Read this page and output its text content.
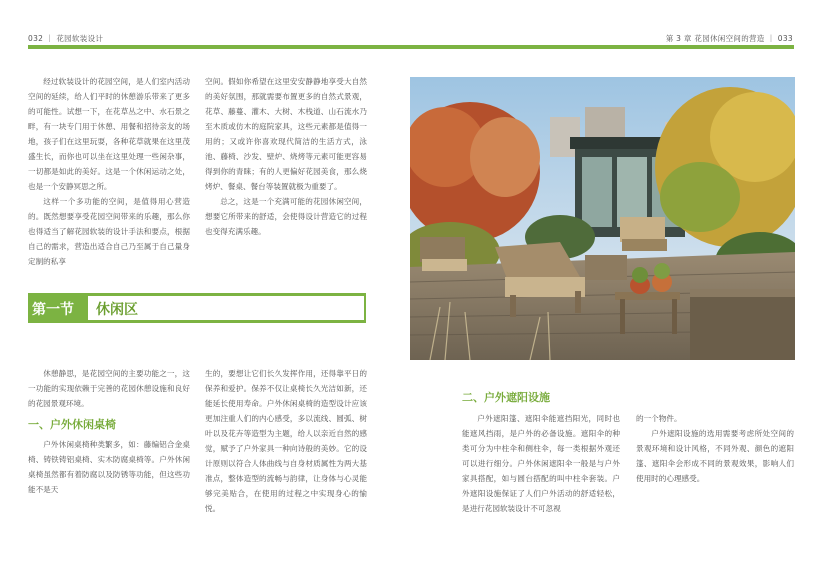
032 ｜ 花园软装设计	第 3 章 花园休闲空间的营造 ｜ 033

经过软装设计的花园空间，是人们室内活动空间的延续，给人们平时的休憩游乐带来了更多的可能性。试想一下，在花草丛之中、水石景之畔，有一块专门用于休憩、用餐和招待亲友的场地，孩子们在这里玩耍，各种花草就果在这里茂盛生长，而你也可以坐在这里处理一些闲杂事，一切都是如此的美好。这是一个休闲运动之处，也是一个安静冥思之所。

这样一个多功能的空间，是值得用心营造的。既然想要享受花园空间带来的乐趣，那么你也得适当了解花园软装的设计手法和要点，根据自己的需求，营造出适合自己乃至属于自己量身定制的私享

空间。假如你希望在这里安安静静地享受大自然的美好氛围，那就需要布置更多的自然式景观，花草、藤蔓、灌木、大树、木栈道、山石流水乃至木质或仿木的庭院家具，这些元素都是值得一用的；又或许你喜欢现代简洁的生活方式，泳池、藤椅、沙发、壁炉、烧烤等元素可能更容易得到你的青睐；有的人更偏好花园美食，那么烧烤炉、餐桌、餐台等装置就极为重要了。

总之，这是一个充满可能的花园休闲空间，想要它所带来的舒适，会使得设计营造它的过程也变得充满乐趣。

第一节 休闲区

休憩静思，是花园空间的主要功能之一，这一功能的实现依赖于完善的花园休憩设施和良好的花园景观环境。

一、户外休闲桌椅

户外休闲桌椅种类繁多，如：藤编铝合金桌椅、铸铁铸铝桌椅、实木防腐桌椅等。户外休闲桌椅虽然都有着防腐以及防锈等功能，但这些功能不是天

生的，要想让它们长久发挥作用，还得靠平日的保养和爱护。保养不仅让桌椅长久光洁如新，还能延长使用寿命。户外休闲桌椅的造型设计应该更加注重人们的内心感受，多以流线、圆弧、树叶以及花卉等造型为主题，给人以亲近自然的感觉，赋予了户外家具一种向诗般的美妙。它的设计原则以符合人体曲线与自身材质属性为两大基准点，整体造型的流畅与韵律，让身体与心灵能够完美贴合，在使用的过程之中实现身心的愉悦。

二、户外遮阳设施

户外遮阳篷、遮阳伞能遮挡阳光，同时也能遮风挡雨，是户外的必备设施。遮阳伞的种类可分为中柱伞和侧柱伞，每一类根据外观还可以进行细分。户外休闲遮阳伞一般是与户外家具搭配，如与圆台搭配的叫中柱伞套装。户外遮阳设施保证了人们户外活动的舒适轻松，是进行花园软装设计不可忽视

的一个物件。

户外遮阳设施的选用需要考虑所处空间的景观环境和设计风格，不同外观、颜色的遮阳篷、遮阳伞会形成不同的景观效果，影响人们使用时的心理感受。
